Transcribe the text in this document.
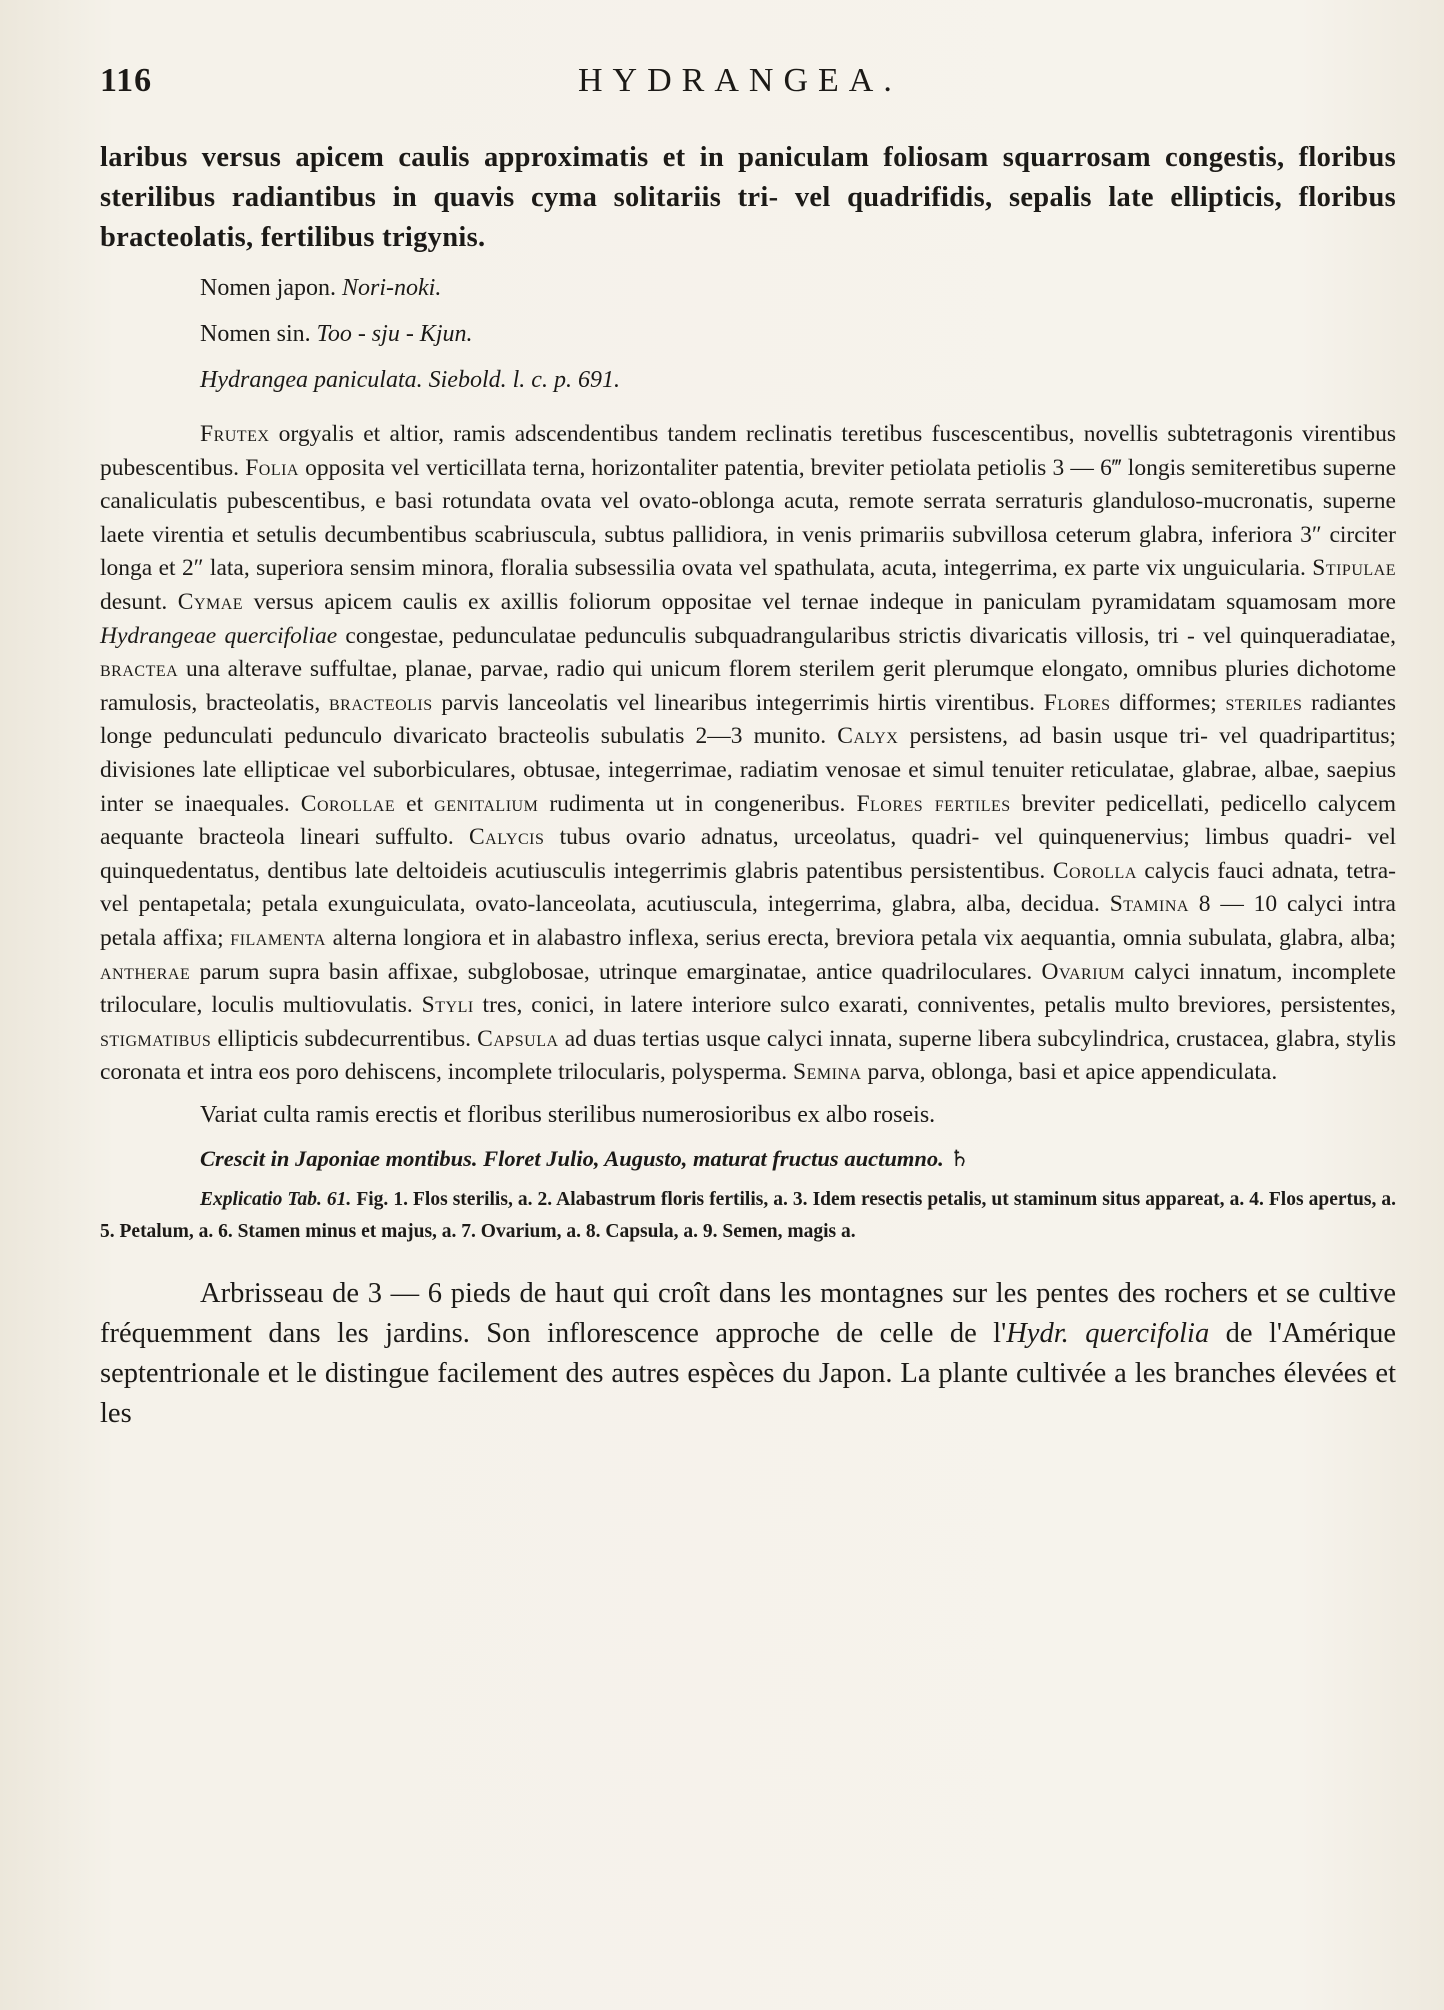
116	HYDRANGEA.

laribus versus apicem caulis approximatis et in paniculam foliosam squarrosam congestis, floribus sterilibus radiantibus in quavis cyma solitariis tri- vel quadrifidis, sepalis late ellipticis, floribus bracteolatis, fertilibus trigynis.

Nomen japon. Nori-noki.

Nomen sin. Too - sju - Kjun.

Hydrangea paniculata. Siebold. l. c. p. 691.

Frutex orgyalis et altior, ramis adscendentibus tandem reclinatis teretibus fuscescentibus, novellis subtetragonis virentibus pubescentibus. Folia opposita vel verticillata terna, horizontaliter patentia, breviter petiolata petiolis 3 — 6‴ longis semiteretibus superne canaliculatis pubescentibus, e basi rotundata ovata vel ovato-oblonga acuta, remote serrata serraturis glanduloso-mucronatis, superne laete virentia et setulis decumbentibus scabriuscula, subtus pallidiora, in venis primariis subvillosa ceterum glabra, inferiora 3″ circiter longa et 2″ lata, superiora sensim minora, floralia subsessilia ovata vel spathulata, acuta, integerrima, ex parte vix unguicularia. Stipulae desunt. Cymae versus apicem caulis ex axillis foliorum oppositae vel ternae indeque in paniculam pyramidatam squamosam more Hydrangeae quercifoliae congestae, pedunculatae pedunculis subquadrangularibus strictis divaricatis villosis, tri - vel quinqueradiatae, bractea una alterave suffultae, planae, parvae, radio qui unicum florem sterilem gerit plerumque elongato, omnibus pluries dichotome ramulosis, bracteolatis, bracteolis parvis lanceolatis vel linearibus integerrimis hirtis virentibus. Flores difformes; steriles radiantes longe pedunculati pedunculo divaricato bracteolis subulatis 2—3 munito. Calyx persistens, ad basin usque tri- vel quadripartitus; divisiones late ellipticae vel suborbiculares, obtusae, integerrimae, radiatim venosae et simul tenuiter reticulatae, glabrae, albae, saepius inter se inaequales. Corollae et genitalium rudimenta ut in congeneribus. Flores fertiles breviter pedicellati, pedicello calycem aequante bracteola lineari suffulto. Calycis tubus ovario adnatus, urceolatus, quadri- vel quinquenervius; limbus quadri- vel quinquedentatus, dentibus late deltoideis acutiusculis integerrimis glabris patentibus persistentibus. Corolla calycis fauci adnata, tetra- vel pentapetala; petala exunguiculata, ovato-lanceolata, acutiuscula, integerrima, glabra, alba, decidua. Stamina 8 — 10 calyci intra petala affixa; filamenta alterna longiora et in alabastro inflexa, serius erecta, breviora petala vix aequantia, omnia subulata, glabra, alba; antherae parum supra basin affixae, subglobosae, utrinque emarginatae, antice quadriloculares. Ovarium calyci innatum, incomplete triloculare, loculis multiovulatis. Styli tres, conici, in latere interiore sulco exarati, conniventes, petalis multo breviores, persistentes, stigmatibus ellipticis subdecurrentibus. Capsula ad duas tertias usque calyci innata, superne libera subcylindrica, crustacea, glabra, stylis coronata et intra eos poro dehiscens, incomplete trilocularis, polysperma. Semina parva, oblonga, basi et apice appendiculata.

Variat culta ramis erectis et floribus sterilibus numerosioribus ex albo roseis.

Crescit in Japoniae montibus. Floret Julio, Augusto, maturat fructus auctumno. ♄

Explicatio Tab. 61. Fig. 1. Flos sterilis, a. 2. Alabastrum floris fertilis, a. 3. Idem resectis petalis, ut staminum situs appareat, a. 4. Flos apertus, a. 5. Petalum, a. 6. Stamen minus et majus, a. 7. Ovarium, a. 8. Capsula, a. 9. Semen, magis a.

Arbrisseau de 3 — 6 pieds de haut qui croît dans les montagnes sur les pentes des rochers et se cultive fréquemment dans les jardins. Son inflorescence approche de celle de l'Hydr. quercifolia de l'Amérique septentrionale et le distingue facilement des autres espèces du Japon. La plante cultivée a les branches élevées et les
